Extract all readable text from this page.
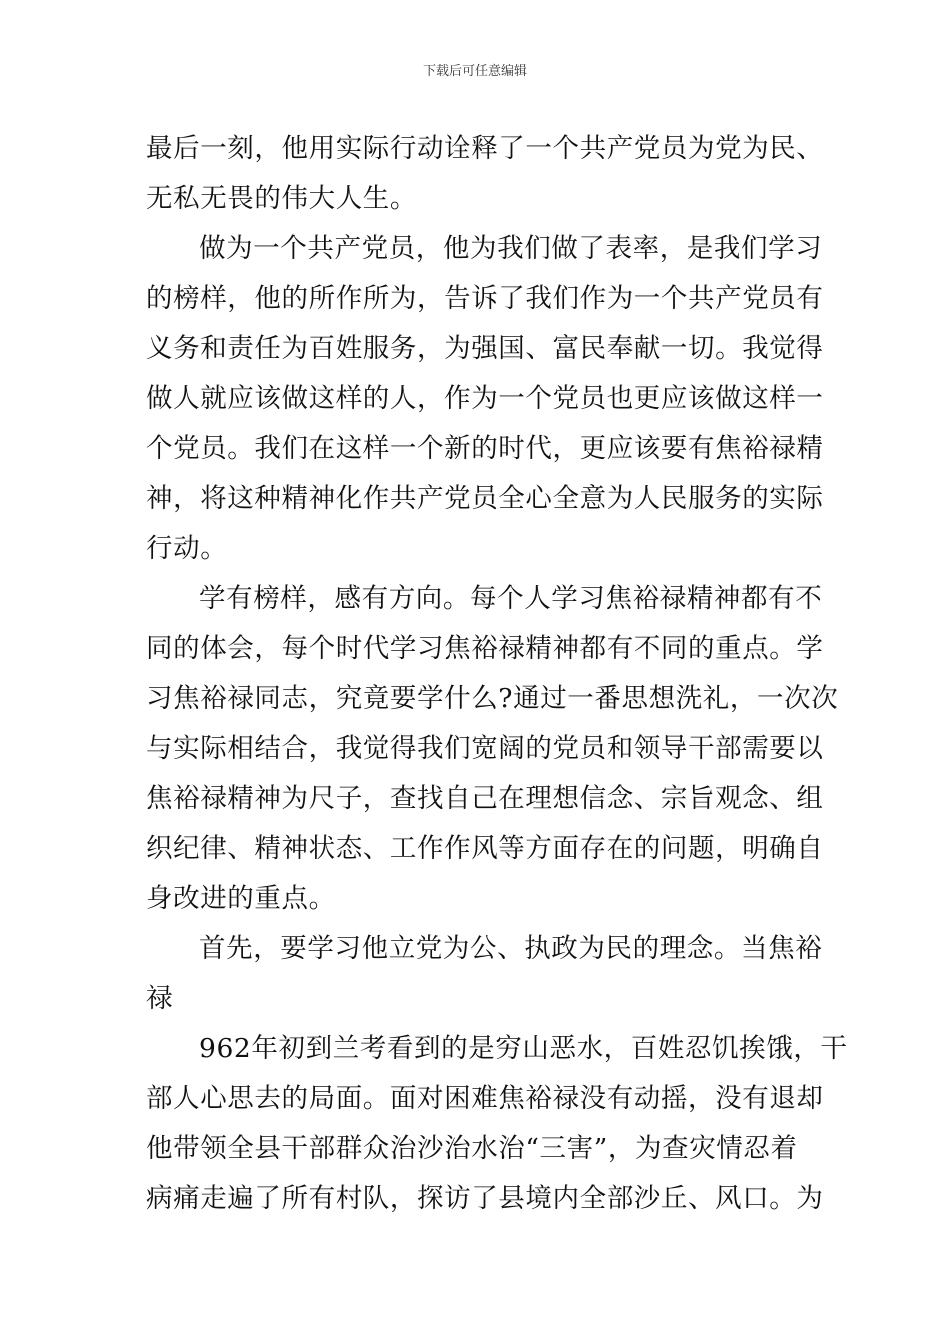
下载后可任意编辑
最后一刻，他用实际行动诠释了一个共产党员为党为民、
无私无畏的伟大人生。
做为一个共产党员，他为我们做了表率，是我们学习
的榜样，他的所作所为，告诉了我们作为一个共产党员有
义务和责任为百姓服务，为强国、富民奉献一切。我觉得
做人就应该做这样的人，作为一个党员也更应该做这样一
个党员。我们在这样一个新的时代，更应该要有焦裕禄精
神，将这种精神化作共产党员全心全意为人民服务的实际
行动。
学有榜样，感有方向。每个人学习焦裕禄精神都有不
同的体会，每个时代学习焦裕禄精神都有不同的重点。学
习焦裕禄同志，究竟要学什么?通过一番思想洗礼，一次次
与实际相结合，我觉得我们宽阔的党员和领导干部需要以
焦裕禄精神为尺子，查找自己在理想信念、宗旨观念、组
织纪律、精神状态、工作作风等方面存在的问题，明确自
身改进的重点。
首先，要学习他立党为公、执政为民的理念。当焦裕
禄
962年初到兰考看到的是穷山恶水，百姓忍饥挨饿，干
部人心思去的局面。面对困难焦裕禄没有动摇，没有退却
他带领全县干部群众治沙治水治“三害”，为查灾情忍着
病痛走遍了所有村队，探访了县境内全部沙丘、风口。为
